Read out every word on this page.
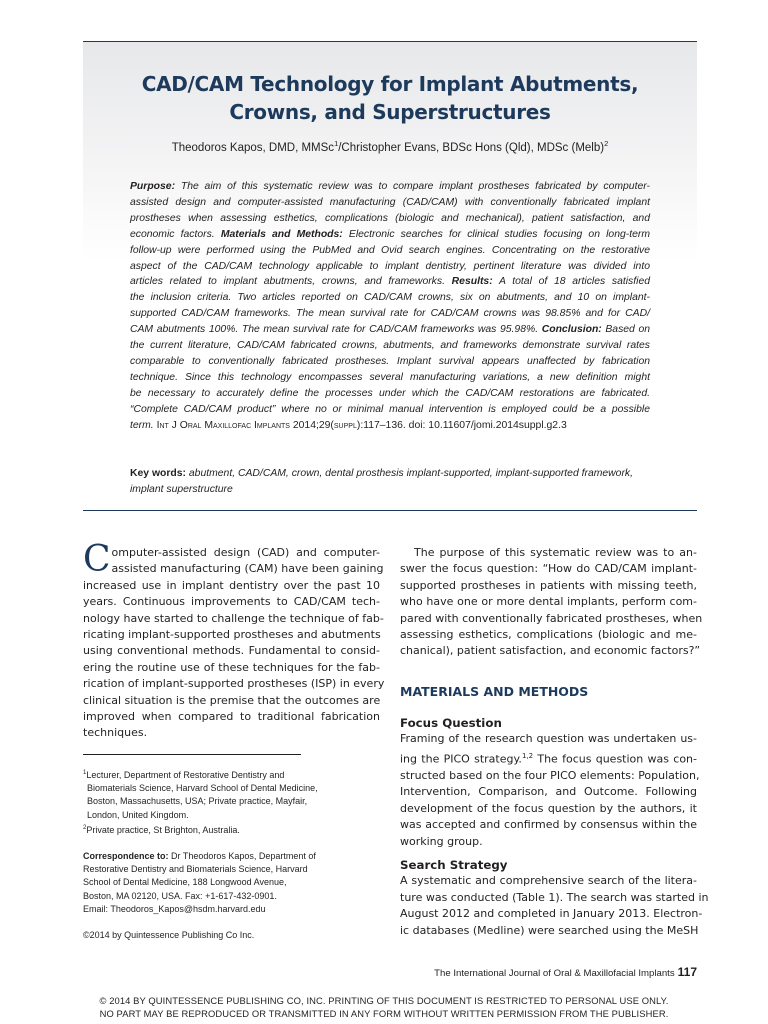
CAD/CAM Technology for Implant Abutments,
Crowns, and Superstructures
Theodoros Kapos, DMD, MMSc$^1$/Christopher Evans, BDSc Hons (Qld), MDSc (Melb)$^2$
Purpose: The aim of this systematic review was to compare implant prostheses fabricated by computer-
assisted design and computer-assisted manufacturing (CAD/CAM) with conventionally fabricated implant
prostheses when assessing esthetics, complications (biologic and mechanical), patient satisfaction, and
economic factors. Materials and Methods: Electronic searches for clinical studies focusing on long-term
follow-up were performed using the PubMed and Ovid search engines. Concentrating on the restorative
aspect of the CAD/CAM technology applicable to implant dentistry, pertinent literature was divided into
articles related to implant abutments, crowns, and frameworks. Results: A total of 18 articles satisfied
the inclusion criteria. Two articles reported on CAD/CAM crowns, six on abutments, and 10 on implant-
supported CAD/CAM frameworks. The mean survival rate for CAD/CAM crowns was 98.85% and for CAD/
CAM abutments 100%. The mean survival rate for CAD/CAM frameworks was 95.98%. Conclusion: Based on
the current literature, CAD/CAM fabricated crowns, abutments, and frameworks demonstrate survival rates
comparable to conventionally fabricated prostheses. Implant survival appears unaffected by fabrication
technique. Since this technology encompasses several manufacturing variations, a new definition might
be necessary to accurately define the processes under which the CAD/CAM restorations are fabricated.
“Complete CAD/CAM product” where no or minimal manual intervention is employed could be a possible
term. Int J Oral Maxillofac Implants 2014;29(suppl):117–136. doi: 10.11607/jomi.2014suppl.g2.3
Key words: abutment, CAD/CAM, crown, dental prosthesis implant-supported, implant-supported framework,
implant superstructure
C omputer-assisted design (CAD) and computer-
assisted manufacturing (CAM) have been gaining
increased use in implant dentistry over the past 10
years. Continuous improvements to CAD/CAM tech-
nology have started to challenge the technique of fab-
ricating implant-supported prostheses and abutments
using conventional methods. Fundamental to consid-
ering the routine use of these techniques for the fab-
rication of implant-supported prostheses (ISP) in every
clinical situation is the premise that the outcomes are
improved when compared to traditional fabrication
techniques.
The purpose of this systematic review was to an-
swer the focus question: “How do CAD/CAM implant-
supported prostheses in patients with missing teeth,
who have one or more dental implants, perform com-
pared with conventionally fabricated prostheses, when
assessing esthetics, complications (biologic and me-
chanical), patient satisfaction, and economic factors?”
MATERIALS AND METHODS
Focus Question
Framing of the research question was undertaken us-
ing the PICO strategy.$^{1,2}$ The focus question was con-
structed based on the four PICO elements: Population,
Intervention, Comparison, and Outcome. Following
development of the focus question by the authors, it
was accepted and confirmed by consensus within the
working group.
Search Strategy
A systematic and comprehensive search of the litera-
ture was conducted (Table 1). The search was started in
August 2012 and completed in January 2013. Electron-
ic databases (Medline) were searched using the MeSH
$^1$Lecturer, Department of Restorative Dentistry and
Biomaterials Science, Harvard School of Dental Medicine,
Boston, Massachusetts, USA; Private practice, Mayfair,
London, United Kingdom.
$^2$Private practice, St Brighton, Australia.
Correspondence to: Dr Theodoros Kapos, Department of
Restorative Dentistry and Biomaterials Science, Harvard
School of Dental Medicine, 188 Longwood Avenue,
Boston, MA 02120, USA. Fax: +1-617-432-0901.
Email: Theodoros_Kapos@hsdm.harvard.edu
©2014 by Quintessence Publishing Co Inc.
The International Journal of Oral & Maxillofacial Implants 117
© 2014 BY QUINTESSENCE PUBLISHING CO, INC. PRINTING OF THIS DOCUMENT IS RESTRICTED TO PERSONAL USE ONLY.
NO PART MAY BE REPRODUCED OR TRANSMITTED IN ANY FORM WITHOUT WRITTEN PERMISSION FROM THE PUBLISHER.
